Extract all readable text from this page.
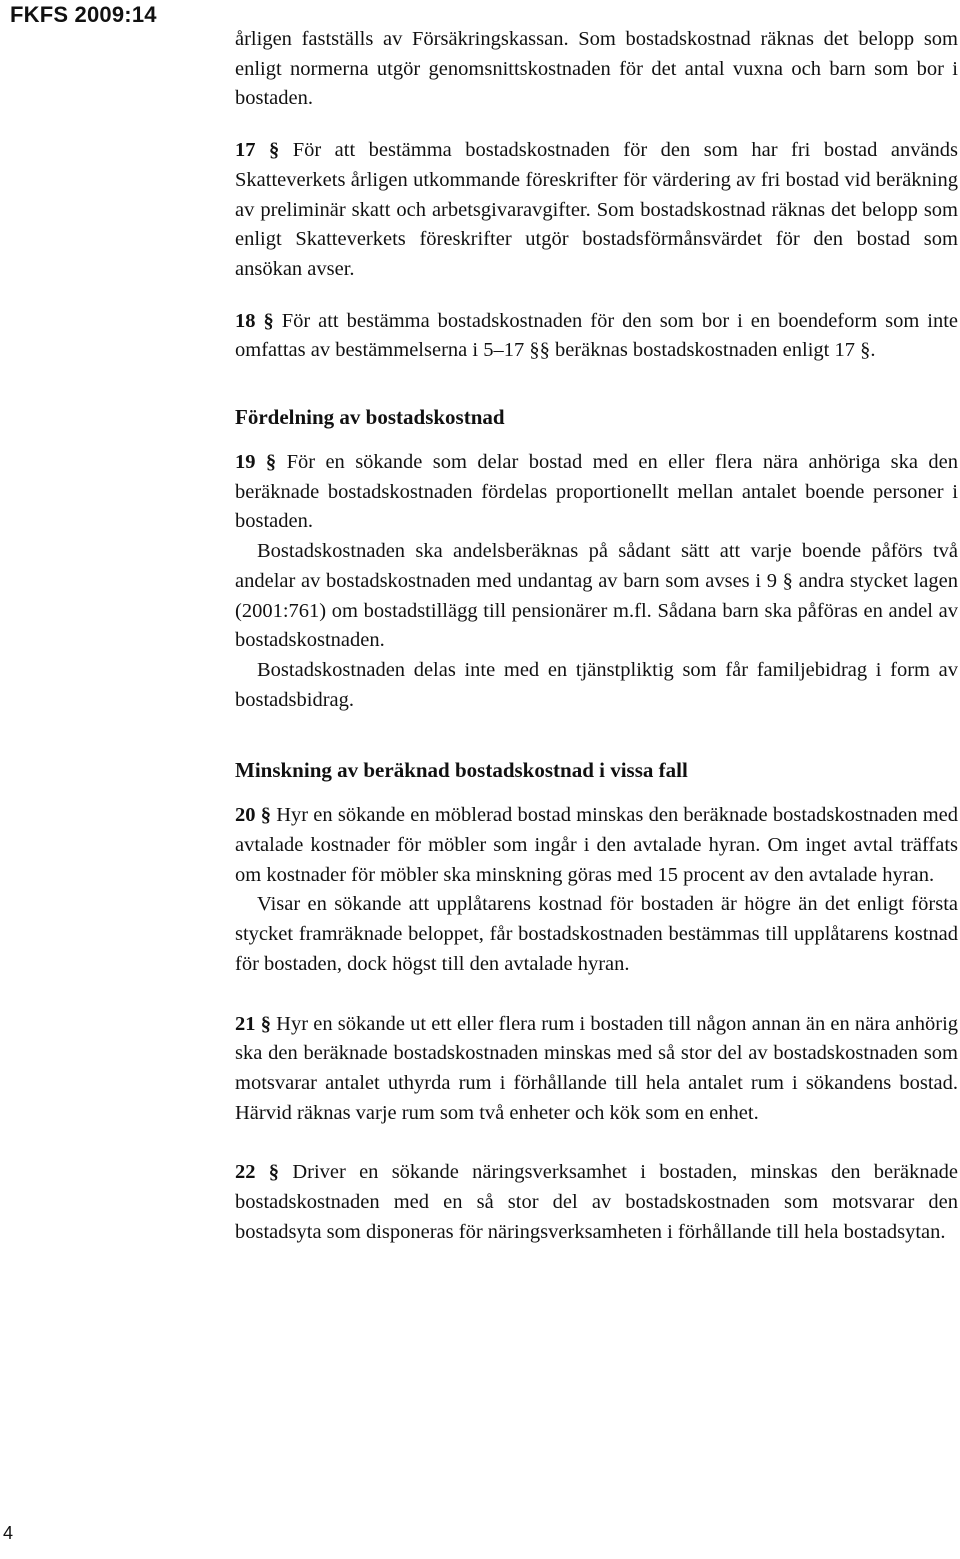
FKFS 2009:14

årligen fastställs av Försäkringskassan. Som bostadskostnad räknas det belopp som enligt normerna utgör genomsnittskostnaden för det antal vuxna och barn som bor i bostaden.

17 § För att bestämma bostadskostnaden för den som har fri bostad används Skatteverkets årligen utkommande föreskrifter för värdering av fri bostad vid beräkning av preliminär skatt och arbetsgivaravgifter. Som bostadskostnad räknas det belopp som enligt Skatteverkets föreskrifter utgör bostadsförmånsvärdet för den bostad som ansökan avser.

18 § För att bestämma bostadskostnaden för den som bor i en boendeform som inte omfattas av bestämmelserna i 5–17 §§ beräknas bostadskostnaden enligt 17 §.

Fördelning av bostadskostnad

19 § För en sökande som delar bostad med en eller flera nära anhöriga ska den beräknade bostadskostnaden fördelas proportionellt mellan antalet boende personer i bostaden.

Bostadskostnaden ska andelsberäknas på sådant sätt att varje boende påförs två andelar av bostadskostnaden med undantag av barn som avses i 9 § andra stycket lagen (2001:761) om bostadstillägg till pensionärer m.fl. Sådana barn ska påföras en andel av bostadskostnaden.

Bostadskostnaden delas inte med en tjänstpliktig som får familjebidrag i form av bostadsbidrag.

Minskning av beräknad bostadskostnad i vissa fall

20 § Hyr en sökande en möblerad bostad minskas den beräknade bostadskostnaden med avtalade kostnader för möbler som ingår i den avtalade hyran. Om inget avtal träffats om kostnader för möbler ska minskning göras med 15 procent av den avtalade hyran.

Visar en sökande att upplåtarens kostnad för bostaden är högre än det enligt första stycket framräknade beloppet, får bostadskostnaden bestämmas till upplåtarens kostnad för bostaden, dock högst till den avtalade hyran.

21 § Hyr en sökande ut ett eller flera rum i bostaden till någon annan än en nära anhörig ska den beräknade bostadskostnaden minskas med så stor del av bostadskostnaden som motsvarar antalet uthyrda rum i förhållande till hela antalet rum i sökandens bostad. Härvid räknas varje rum som två enheter och kök som en enhet.

22 § Driver en sökande näringsverksamhet i bostaden, minskas den beräknade bostadskostnaden med en så stor del av bostadskostnaden som motsvarar den bostadsyta som disponeras för näringsverksamheten i förhållande till hela bostadsytan.

4
